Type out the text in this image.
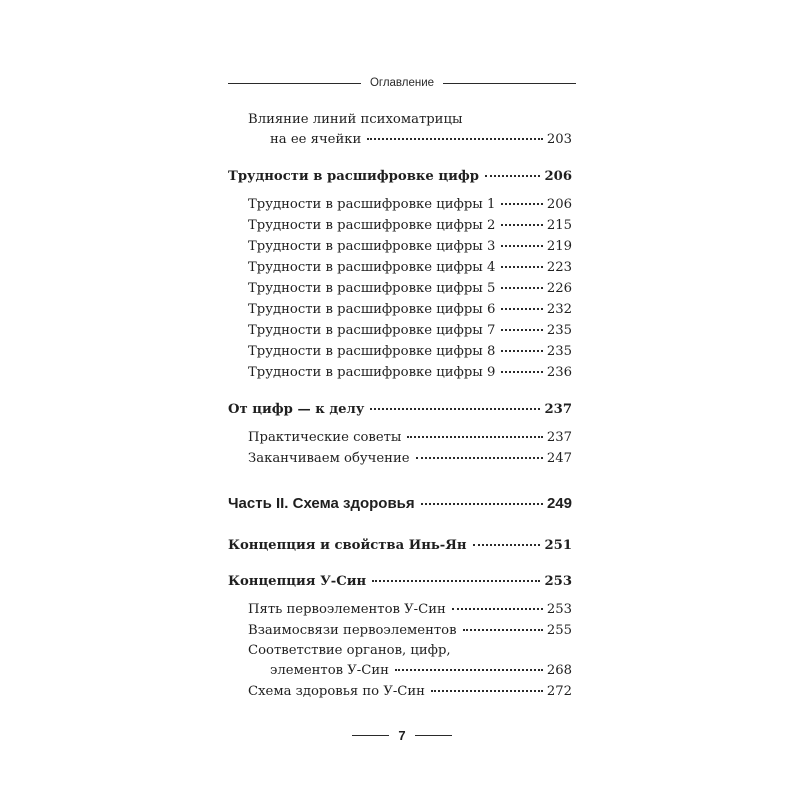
Оглавление
Влияние линий психоматрицы
на ее ячейки	203
Трудности в расшифровке цифр	206
Трудности в расшифровке цифры 1	206
Трудности в расшифровке цифры 2	215
Трудности в расшифровке цифры 3	219
Трудности в расшифровке цифры 4	223
Трудности в расшифровке цифры 5	226
Трудности в расшифровке цифры 6	232
Трудности в расшифровке цифры 7	235
Трудности в расшифровке цифры 8	235
Трудности в расшифровке цифры 9	236
От цифр — к делу	237
Практические советы	237
Заканчиваем обучение	247
Часть II. Схема здоровья	249
Концепция и свойства Инь-Ян	251
Концепция У-Син	253
Пять первоэлементов У-Син	253
Взаимосвязи первоэлементов	255
Соответствие органов, цифр,
элементов У-Син	268
Схема здоровья по У-Син	272
7
